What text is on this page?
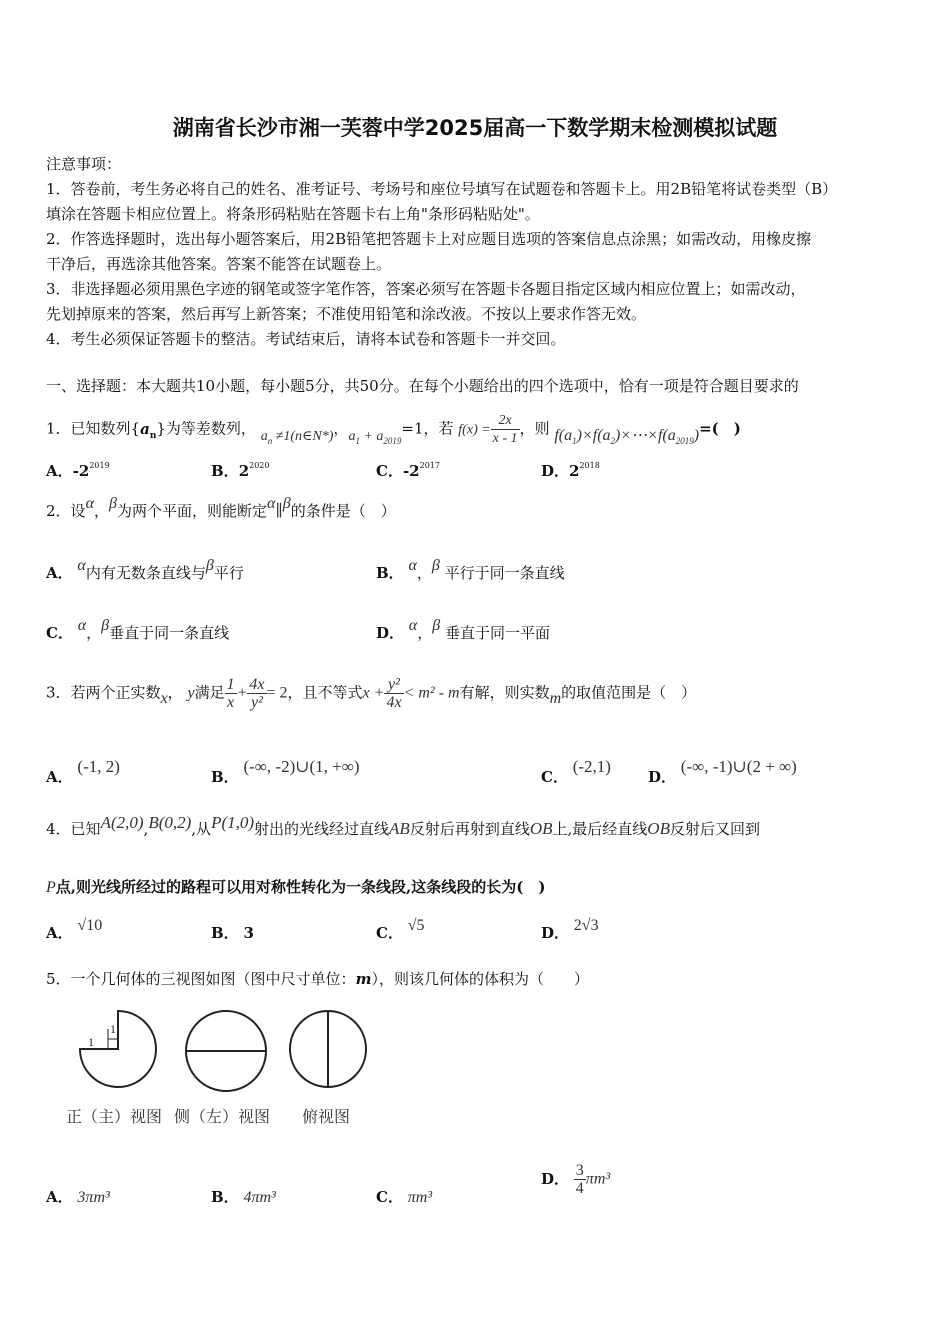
湖南省长沙市湘一芙蓉中学2025届高一下数学期末检测模拟试题
注意事项：
1．答卷前，考生务必将自己的姓名、准考证号、考场号和座位号填写在试题卷和答题卡上。用2B铅笔将试卷类型（B）
填涂在答题卡相应位置上。将条形码粘贴在答题卡右上角"条形码粘贴处"。
2．作答选择题时，选出每小题答案后，用2B铅笔把答题卡上对应题目选项的答案信息点涂黑；如需改动，用橡皮擦
干净后，再选涂其他答案。答案不能答在试题卷上。
3．非选择题必须用黑色字迹的钢笔或签字笔作答，答案必须写在答题卡各题目指定区域内相应位置上；如需改动，
先划掉原来的答案，然后再写上新答案；不准使用铅笔和涂改液。不按以上要求作答无效。
4．考生必须保证答题卡的整洁。考试结束后，请将本试卷和答题卡一并交回。
一、选择题：本大题共10小题，每小题5分，共50分。在每个小题给出的四个选项中，恰有一项是符合题目要求的
1．已知数列$\{a_n\}$为等差数列， $a_n$ ≠1(n∈N*)，$a_1 + a_{2019}=1$，若 $f(x) = \frac{2x}{x - 1}$ ，则 $f(a_1)\times f(a_2)\times\cdots\times f(a_{2019})=$(　)
A．$-2^{2019}$	B．$2^{2020}$	C．$-2^{2017}$	D．$2^{2018}$
2．设α，β为两个平面，则能断定α∥β的条件是（　）
A． α内有无数条直线与β平行	B． α，β 平行于同一条直线
C． α，β垂直于同一条直线	D． α，β 垂直于同一平面
3．若两个正实数x， y满足 $\frac{1}{x} + \frac{4x}{\text{y²}} = 2$，且不等式$x + \frac{\text{y²}}{4x} < m^2 - m$有解，则实数m的取值范围是（　）
A． (-1, 2)
B． (-∞, -2)∪(1, +∞)
C． (-2,1)
D． (-∞, -1)∪(2 + ∞)
4．已知A(2,0),B(0,2),从P(1,0)射出的光线经过直线AB反射后再射到直线OB上,最后经直线OB反射后又回到
P点,则光线所经过的路程可以用对称性转化为一条线段,这条线段的长为(　)
A． √10	B． 3	C． √5	D． 2√3
5．一个几何体的三视图如图（图中尺寸单位：m），则该几何体的体积为（　　）
1
1
正（主）视图 侧（左）视图 俯视图
A． 3πm³	B． 4πm³	C． πm³
D． $\frac{3}{4} \pi m^3$
